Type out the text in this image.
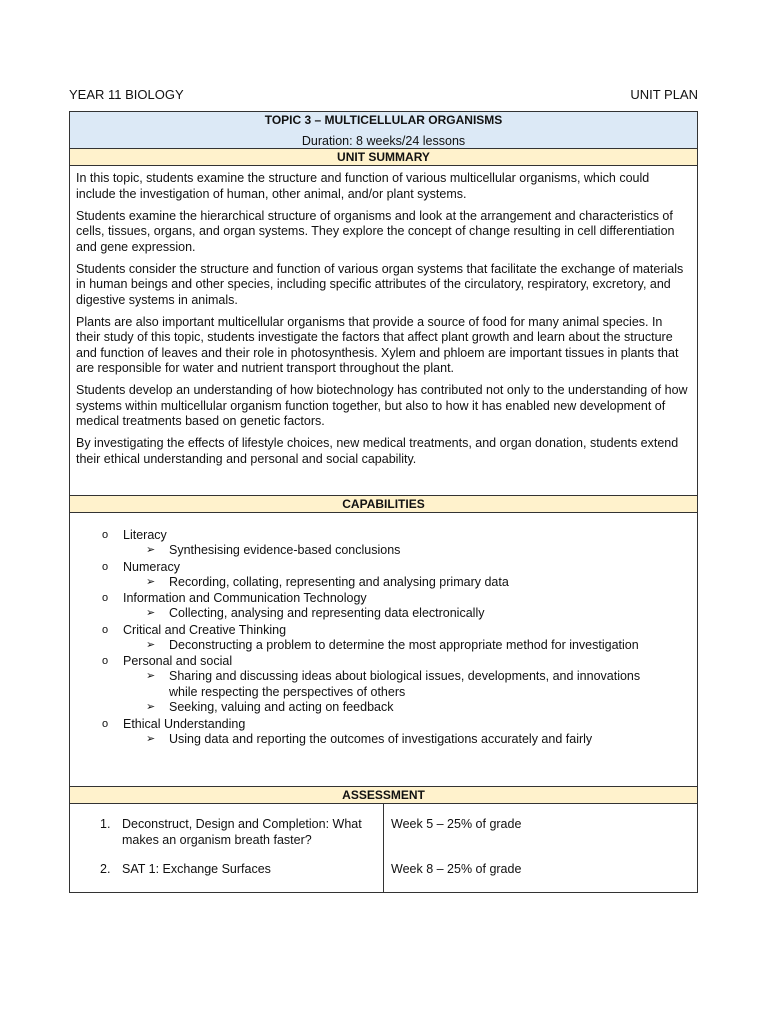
YEAR 11 BIOLOGY	UNIT PLAN
TOPIC 3 – MULTICELLULAR ORGANISMS
Duration: 8 weeks/24 lessons
UNIT SUMMARY

In this topic, students examine the structure and function of various multicellular organisms, which could include the investigation of human, other animal, and/or plant systems.

Students examine the hierarchical structure of organisms and look at the arrangement and characteristics of cells, tissues, organs, and organ systems. They explore the concept of change resulting in cell differentiation and gene expression.

Students consider the structure and function of various organ systems that facilitate the exchange of materials in human beings and other species, including specific attributes of the circulatory, respiratory, excretory, and digestive systems in animals.

Plants are also important multicellular organisms that provide a source of food for many animal species. In their study of this topic, students investigate the factors that affect plant growth and learn about the structure and function of leaves and their role in photosynthesis. Xylem and phloem are important tissues in plants that are responsible for water and nutrient transport throughout the plant.

Students develop an understanding of how biotechnology has contributed not only to the understanding of how systems within multicellular organism function together, but also to how it has enabled new development of medical treatments based on genetic factors.

By investigating the effects of lifestyle choices, new medical treatments, and organ donation, students extend their ethical understanding and personal and social capability.

CAPABILITIES
o Literacy
➢ Synthesising evidence-based conclusions
o Numeracy
➢ Recording, collating, representing and analysing primary data
o Information and Communication Technology
➢ Collecting, analysing and representing data electronically
o Critical and Creative Thinking
➢ Deconstructing a problem to determine the most appropriate method for investigation
o Personal and social
➢ Sharing and discussing ideas about biological issues, developments, and innovations while respecting the perspectives of others
➢ Seeking, valuing and acting on feedback
o Ethical Understanding
➢ Using data and reporting the outcomes of investigations accurately and fairly
ASSESSMENT
1. Deconstruct, Design and Completion: What makes an organism breath faster?
2. SAT 1: Exchange Surfaces
Week 5 – 25% of grade
Week 8 – 25% of grade
